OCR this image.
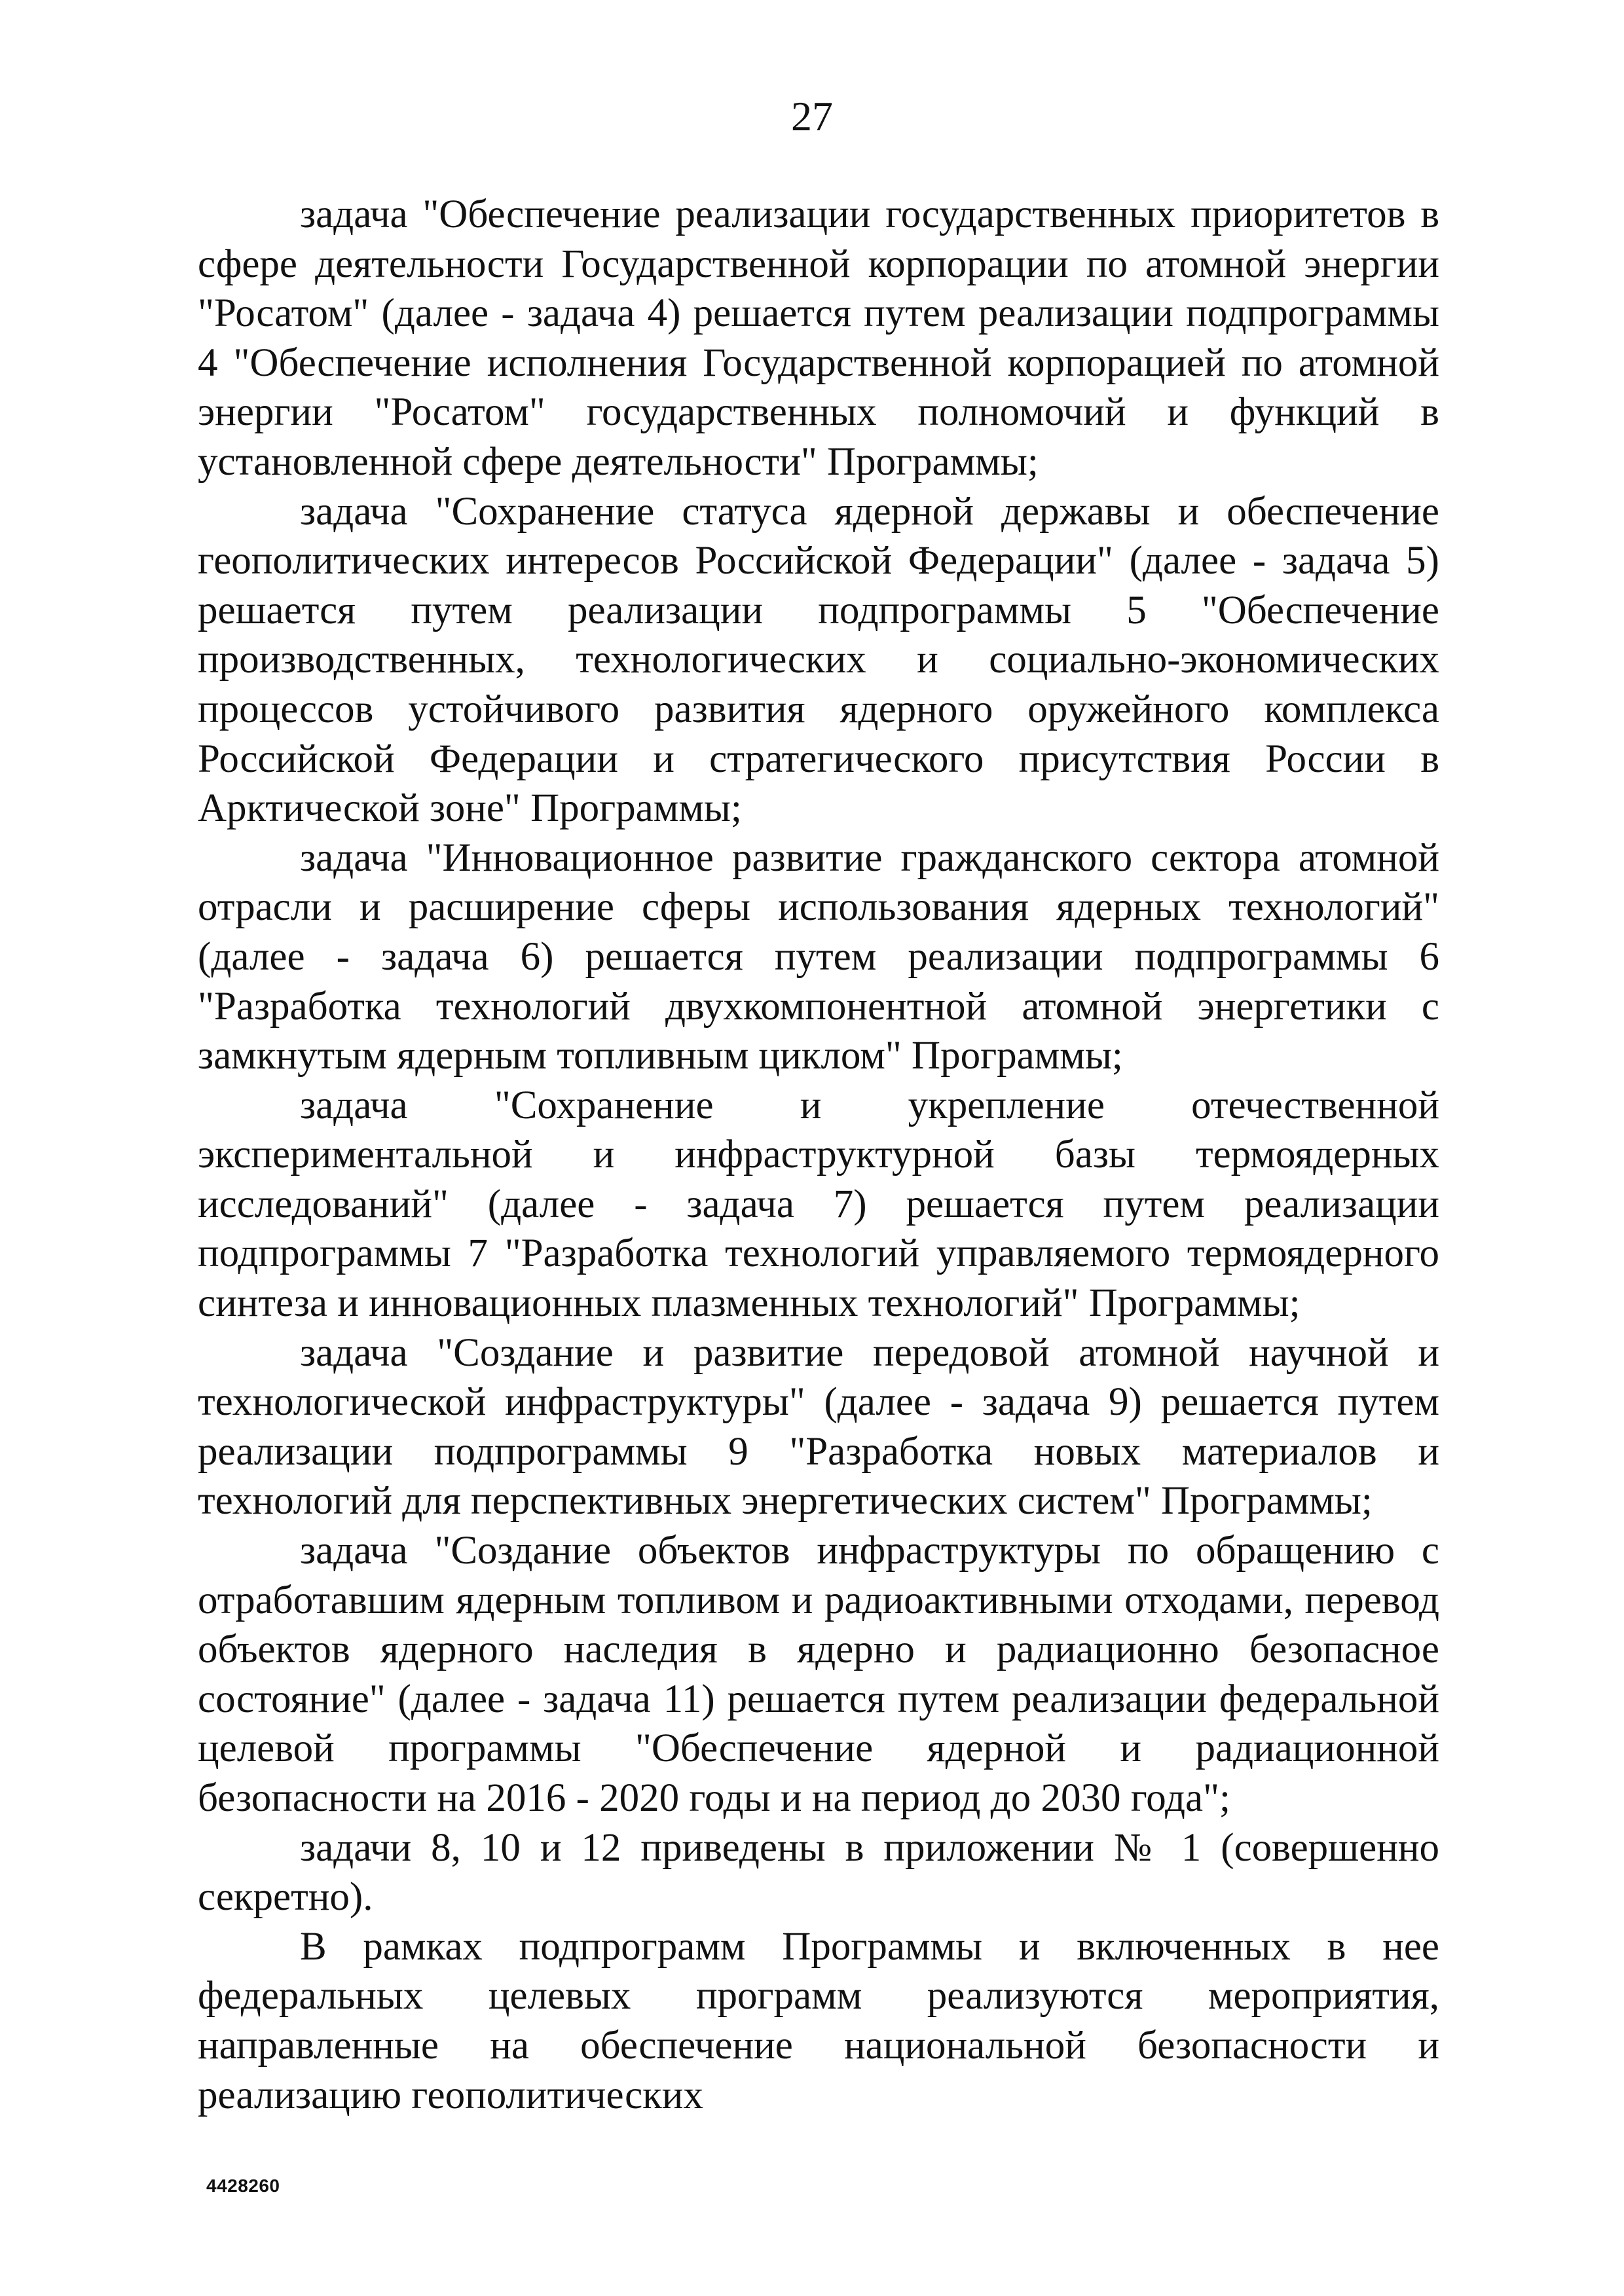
27

задача "Обеспечение реализации государственных приоритетов в сфере деятельности Государственной корпорации по атомной энергии "Росатом" (далее - задача 4) решается путем реализации подпрограммы 4 "Обеспечение исполнения Государственной корпорацией по атомной энергии "Росатом" государственных полномочий и функций в установленной сфере деятельности" Программы;

задача "Сохранение статуса ядерной державы и обеспечение геополитических интересов Российской Федерации" (далее - задача 5) решается путем реализации подпрограммы 5 "Обеспечение производственных, технологических и социально-экономических процессов устойчивого развития ядерного оружейного комплекса Российской Федерации и стратегического присутствия России в Арктической зоне" Программы;

задача "Инновационное развитие гражданского сектора атомной отрасли и расширение сферы использования ядерных технологий" (далее - задача 6) решается путем реализации подпрограммы 6 "Разработка технологий двухкомпонентной атомной энергетики с замкнутым ядерным топливным циклом" Программы;

задача "Сохранение и укрепление отечественной экспериментальной и инфраструктурной базы термоядерных исследований" (далее - задача 7) решается путем реализации подпрограммы 7 "Разработка технологий управляемого термоядерного синтеза и инновационных плазменных технологий" Программы;

задача "Создание и развитие передовой атомной научной и технологической инфраструктуры" (далее - задача 9) решается путем реализации подпрограммы 9 "Разработка новых материалов и технологий для перспективных энергетических систем" Программы;

задача "Создание объектов инфраструктуры по обращению с отработавшим ядерным топливом и радиоактивными отходами, перевод объектов ядерного наследия в ядерно и радиационно безопасное состояние" (далее - задача 11) решается путем реализации федеральной целевой программы "Обеспечение ядерной и радиационной безопасности на 2016 - 2020 годы и на период до 2030 года";

задачи 8, 10 и 12 приведены в приложении № 1 (совершенно секретно).

В рамках подпрограмм Программы и включенных в нее федеральных целевых программ реализуются мероприятия, направленные на обеспечение национальной безопасности и реализацию геополитических

4428260
